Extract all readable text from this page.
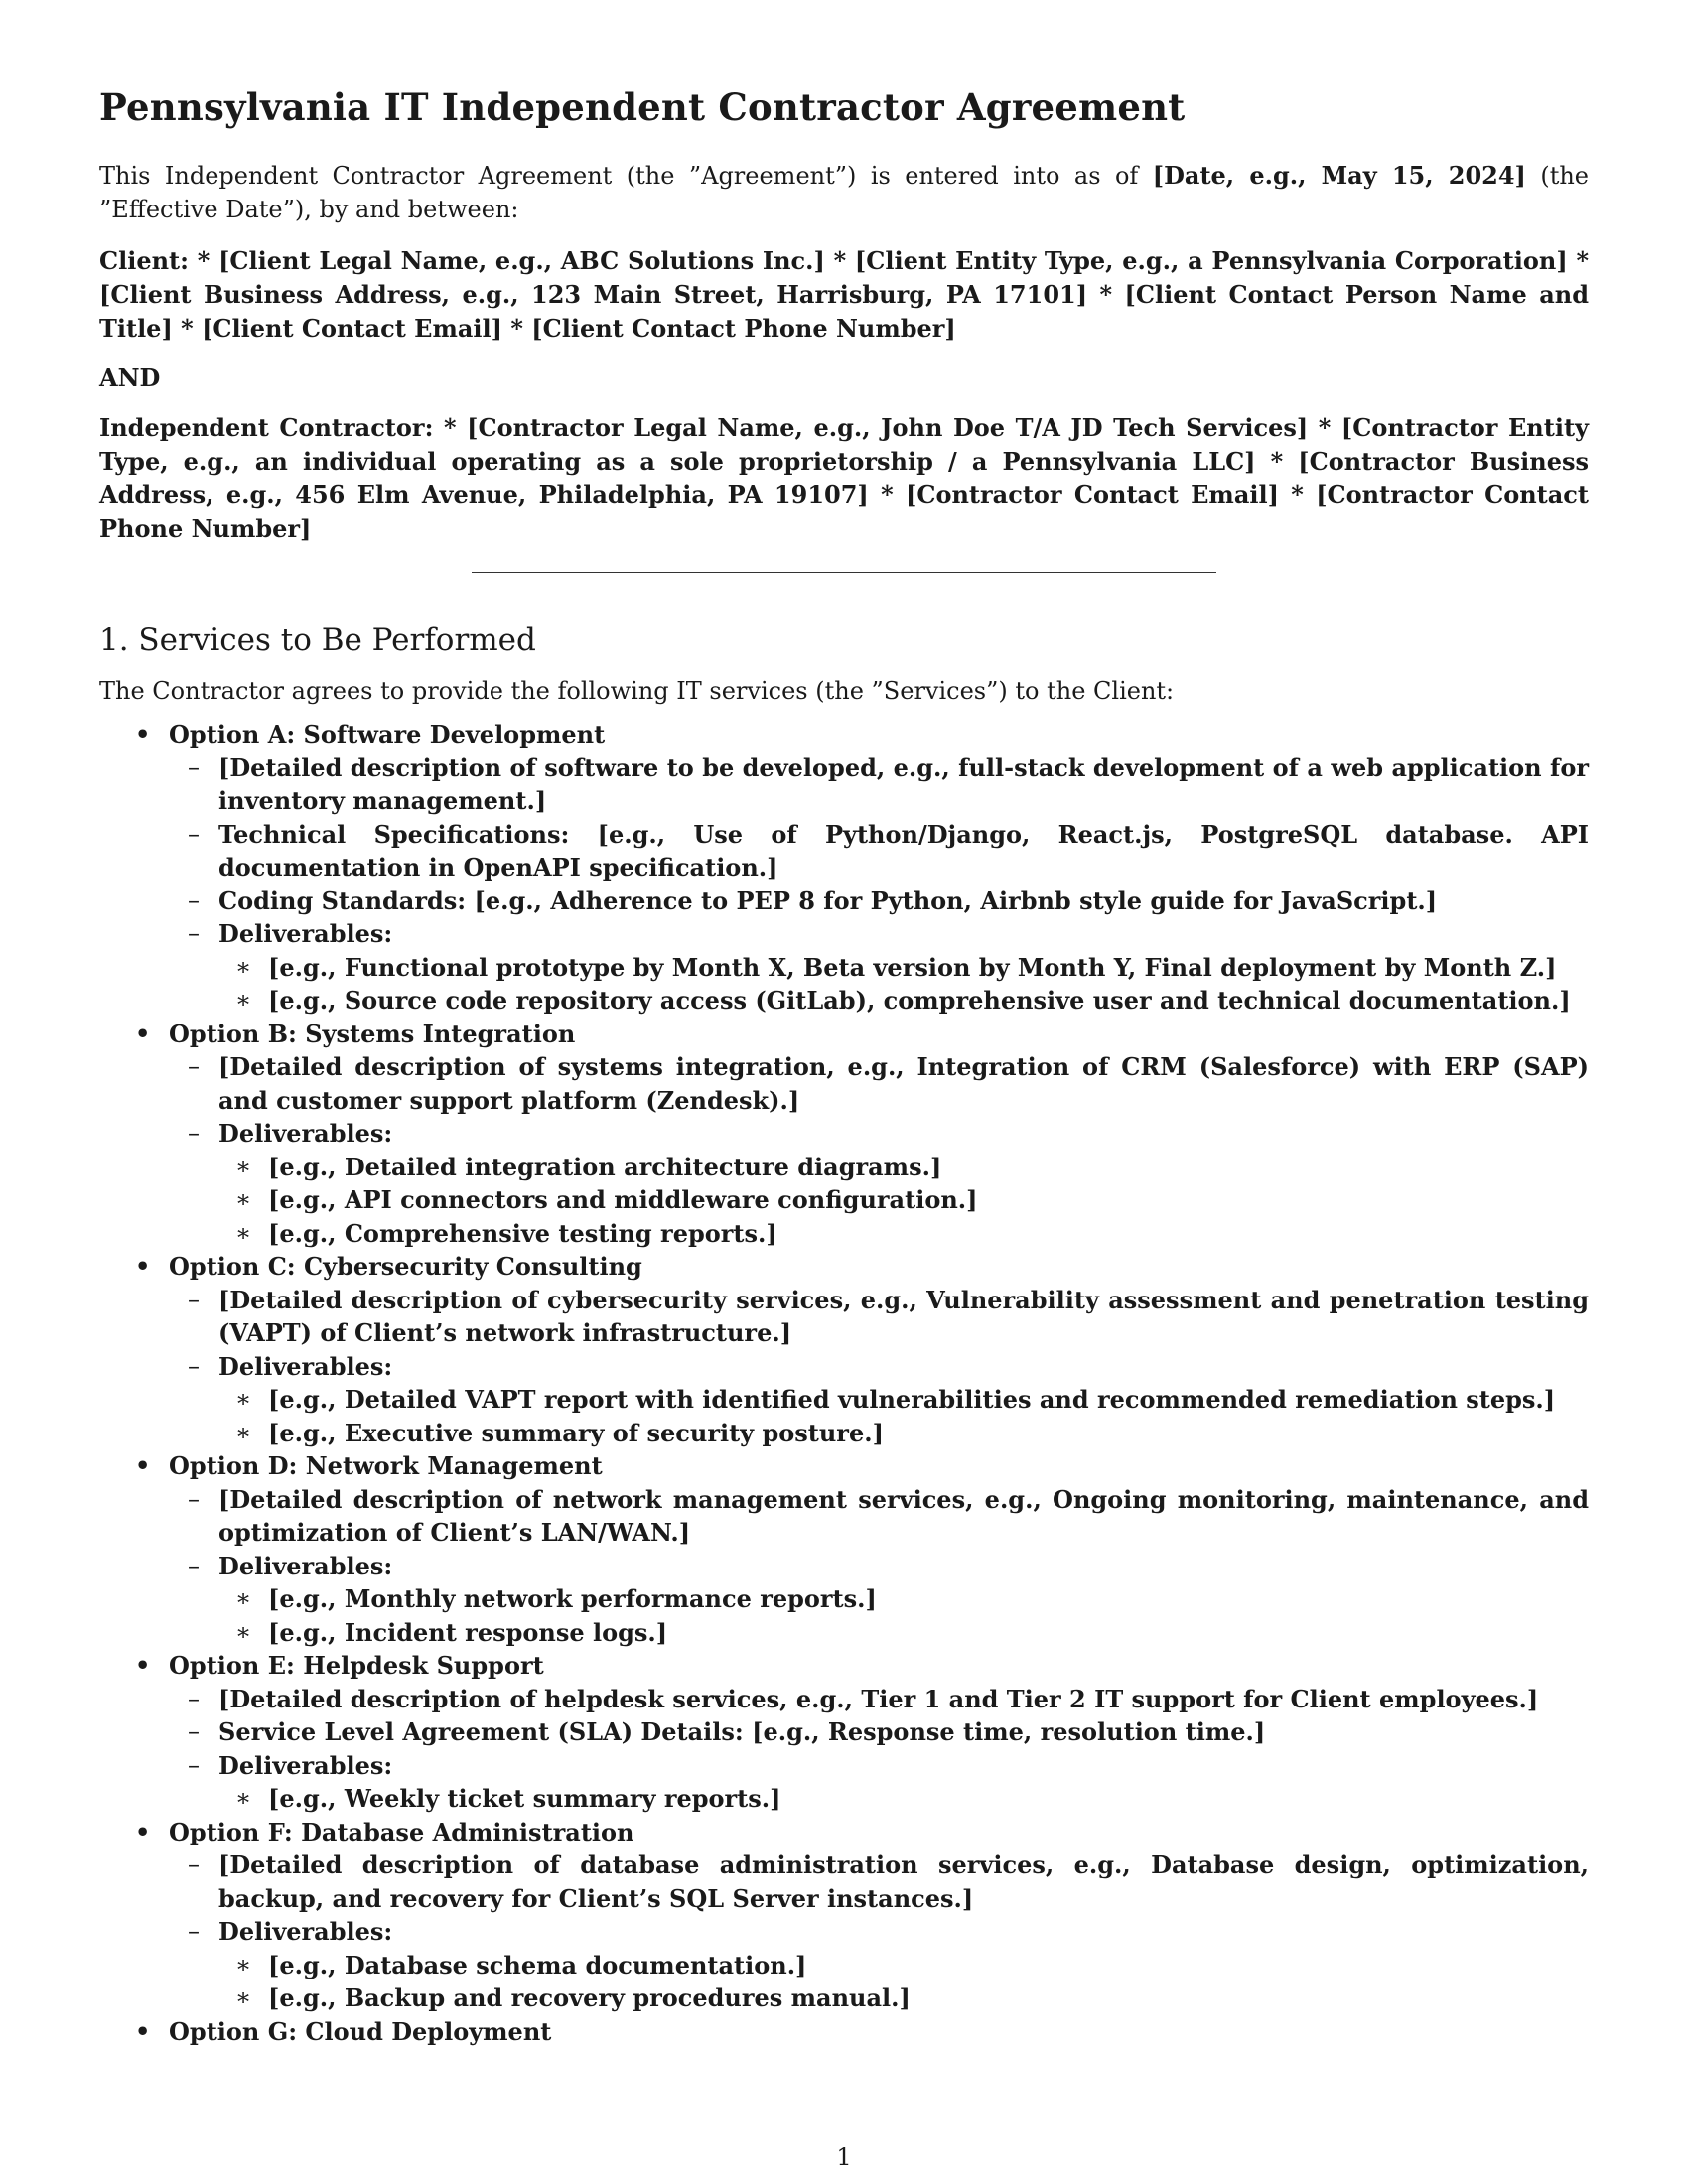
Pennsylvania IT Independent Contractor Agreement

This Independent Contractor Agreement (the ”Agreement”) is entered into as of [Date, e.g., May 15, 2024] (the ”Effective Date”), by and between:

Client: * [Client Legal Name, e.g., ABC Solutions Inc.] * [Client Entity Type, e.g., a Pennsylvania Corporation] * [Client Business Address, e.g., 123 Main Street, Harrisburg, PA 17101] * [Client Contact Person Name and Title] * [Client Contact Email] * [Client Contact Phone Number]

AND

Independent Contractor: * [Contractor Legal Name, e.g., John Doe T/A JD Tech Services] * [Contractor Entity Type, e.g., an individual operating as a sole proprietorship / a Pennsylvania LLC] * [Contractor Business Address, e.g., 456 Elm Avenue, Philadelphia, PA 19107] * [Contractor Contact Email] * [Contractor Contact Phone Number]

1. Services to Be Performed

The Contractor agrees to provide the following IT services (the ”Services”) to the Client:

• Option A: Software Development
– [Detailed description of software to be developed, e.g., full-stack development of a web application for inventory management.]
– Technical Specifications: [e.g., Use of Python/Django, React.js, PostgreSQL database. API documentation in OpenAPI specification.]
– Coding Standards: [e.g., Adherence to PEP 8 for Python, Airbnb style guide for JavaScript.]
– Deliverables:
∗ [e.g., Functional prototype by Month X, Beta version by Month Y, Final deployment by Month Z.]
∗ [e.g., Source code repository access (GitLab), comprehensive user and technical documentation.]
• Option B: Systems Integration
– [Detailed description of systems integration, e.g., Integration of CRM (Salesforce) with ERP (SAP) and customer support platform (Zendesk).]
– Deliverables:
∗ [e.g., Detailed integration architecture diagrams.]
∗ [e.g., API connectors and middleware configuration.]
∗ [e.g., Comprehensive testing reports.]
• Option C: Cybersecurity Consulting
– [Detailed description of cybersecurity services, e.g., Vulnerability assessment and penetration testing (VAPT) of Client’s network infrastructure.]
– Deliverables:
∗ [e.g., Detailed VAPT report with identified vulnerabilities and recommended remediation steps.]
∗ [e.g., Executive summary of security posture.]
• Option D: Network Management
– [Detailed description of network management services, e.g., Ongoing monitoring, maintenance, and optimization of Client’s LAN/WAN.]
– Deliverables:
∗ [e.g., Monthly network performance reports.]
∗ [e.g., Incident response logs.]
• Option E: Helpdesk Support
– [Detailed description of helpdesk services, e.g., Tier 1 and Tier 2 IT support for Client employees.]
– Service Level Agreement (SLA) Details: [e.g., Response time, resolution time.]
– Deliverables:
∗ [e.g., Weekly ticket summary reports.]
• Option F: Database Administration
– [Detailed description of database administration services, e.g., Database design, optimization, backup, and recovery for Client’s SQL Server instances.]
– Deliverables:
∗ [e.g., Database schema documentation.]
∗ [e.g., Backup and recovery procedures manual.]
• Option G: Cloud Deployment
1
